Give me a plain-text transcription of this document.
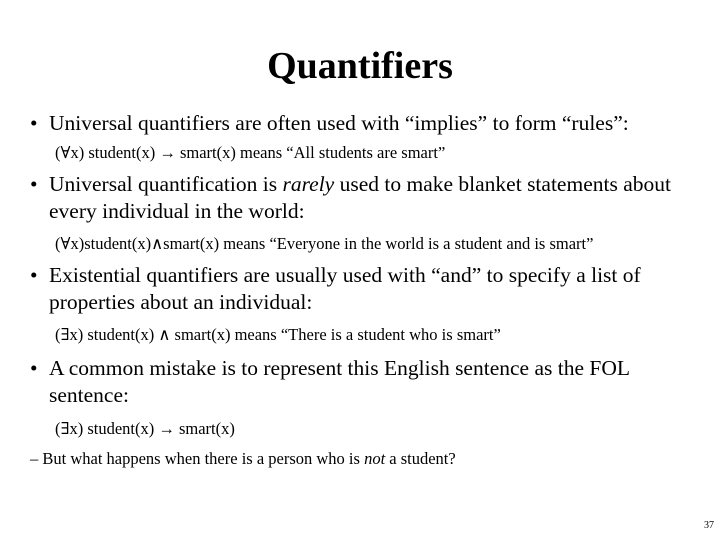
Quantifiers
• Universal quantifiers are often used with “implies” to form “rules”:
(∀x) student(x) → smart(x) means “All students are smart”
• Universal quantification is rarely used to make blanket statements about every individual in the world:
(∀x)student(x)∧smart(x) means “Everyone in the world is a student and is smart”
• Existential quantifiers are usually used with “and” to specify a list of properties about an individual:
(∃x) student(x) ∧ smart(x) means “There is a student who is smart”
• A common mistake is to represent this English sentence as the FOL sentence:
(∃x) student(x) → smart(x)
– But what happens when there is a person who is not a student?
37
